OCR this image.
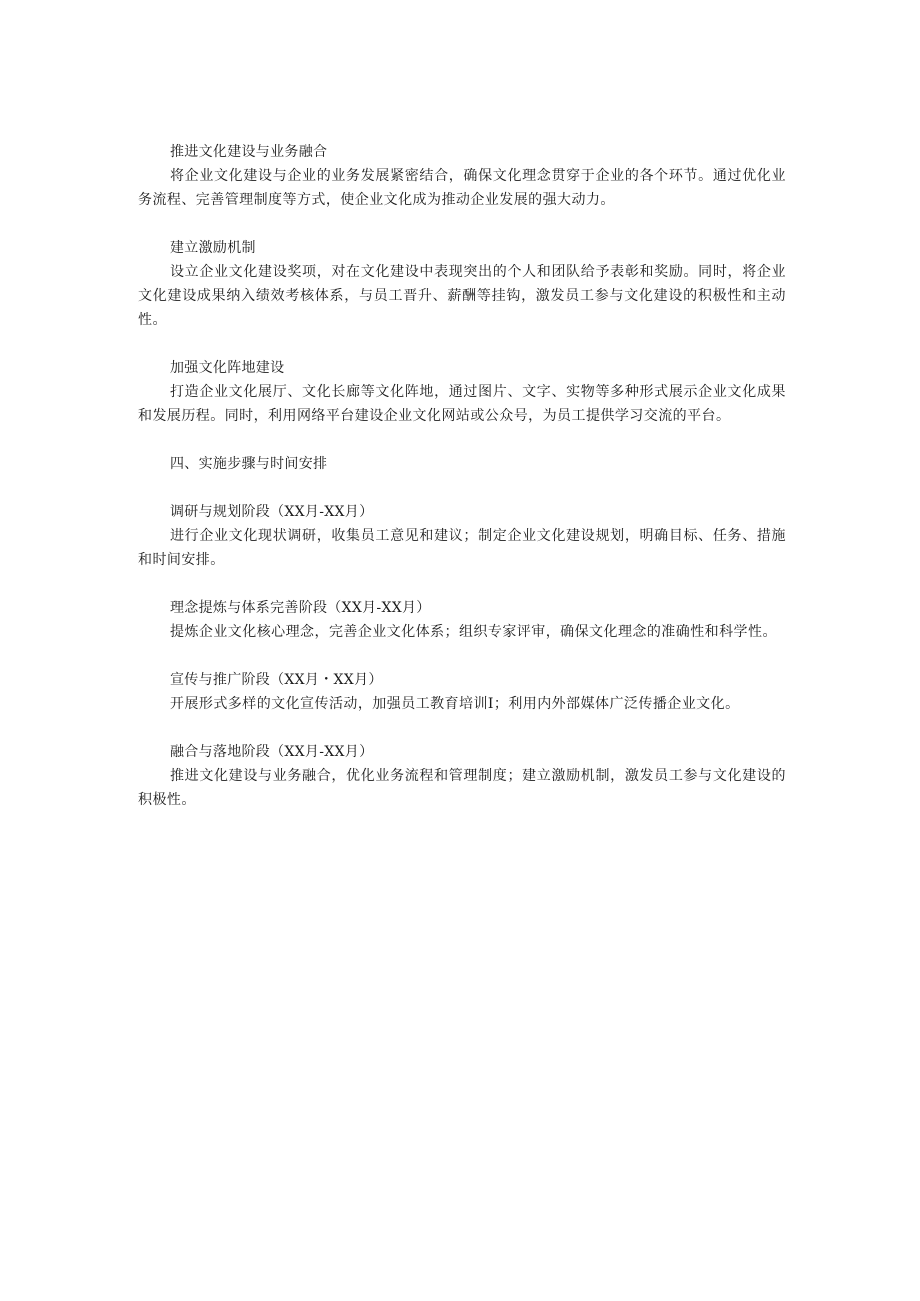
推进文化建设与业务融合
将企业文化建设与企业的业务发展紧密结合，确保文化理念贯穿于企业的各个环节。通过优化业务流程、完善管理制度等方式，使企业文化成为推动企业发展的强大动力。
建立激励机制
设立企业文化建设奖项，对在文化建设中表现突出的个人和团队给予表彰和奖励。同时，将企业文化建设成果纳入绩效考核体系，与员工晋升、薪酬等挂钩，激发员工参与文化建设的积极性和主动性。
加强文化阵地建设
打造企业文化展厅、文化长廊等文化阵地，通过图片、文字、实物等多种形式展示企业文化成果和发展历程。同时，利用网络平台建设企业文化网站或公众号，为员工提供学习交流的平台。
四、实施步骤与时间安排
调研与规划阶段（XX月-XX月）
进行企业文化现状调研，收集员工意见和建议；制定企业文化建设规划，明确目标、任务、措施和时间安排。
理念提炼与体系完善阶段（XX月-XX月）
提炼企业文化核心理念，完善企业文化体系；组织专家评审，确保文化理念的准确性和科学性。
宣传与推广阶段（XX月・XX月）
开展形式多样的文化宣传活动，加强员工教育培训I；利用内外部媒体广泛传播企业文化。
融合与落地阶段（XX月-XX月）
推进文化建设与业务融合，优化业务流程和管理制度；建立激励机制，激发员工参与文化建设的积极性。
